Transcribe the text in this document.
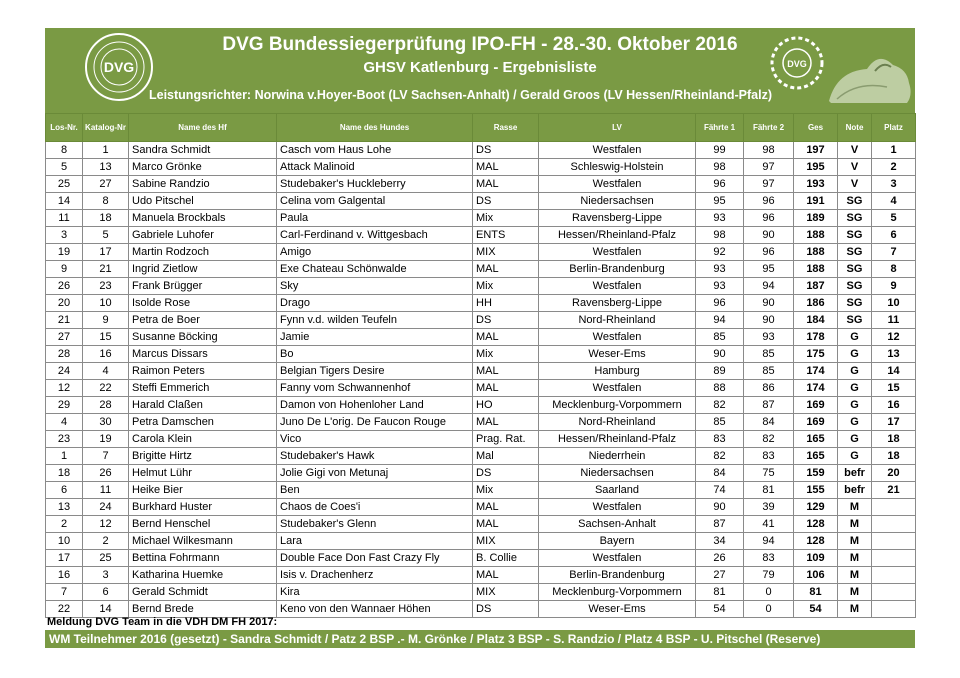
DVG
DVG Bundessiegerprüfung IPO-FH - 28.-30. Oktober 2016
GHSV Katlenburg - Ergebnisliste
Leistungsrichter: Norwina v.Hoyer-Boot (LV Sachsen-Anhalt) / Gerald Groos (LV Hessen/Rheinland-Pfalz)
DVG
Los-Nr.	Katalog-Nr	Name des Hf	Name des Hundes	Rasse	LV	Fährte 1	Fährte 2	Ges	Note	Platz
8	1	Sandra Schmidt	Casch vom Haus Lohe	DS	Westfalen	99	98	197	V	1
5	13	Marco Grönke	Attack Malinoid	MAL	Schleswig-Holstein	98	97	195	V	2
25	27	Sabine Randzio	Studebaker's Huckleberry	MAL	Westfalen	96	97	193	V	3
14	8	Udo Pitschel	Celina vom Galgental	DS	Niedersachsen	95	96	191	SG	4
11	18	Manuela Brockbals	Paula	Mix	Ravensberg-Lippe	93	96	189	SG	5
3	5	Gabriele Luhofer	Carl-Ferdinand v. Wittgesbach	ENTS	Hessen/Rheinland-Pfalz	98	90	188	SG	6
19	17	Martin Rodzoch	Amigo	MIX	Westfalen	92	96	188	SG	7
9	21	Ingrid Zietlow	Exe Chateau Schönwalde	MAL	Berlin-Brandenburg	93	95	188	SG	8
26	23	Frank Brügger	Sky	Mix	Westfalen	93	94	187	SG	9
20	10	Isolde Rose	Drago	HH	Ravensberg-Lippe	96	90	186	SG	10
21	9	Petra de Boer	Fynn v.d. wilden Teufeln	DS	Nord-Rheinland	94	90	184	SG	11
27	15	Susanne Böcking	Jamie	MAL	Westfalen	85	93	178	G	12
28	16	Marcus Dissars	Bo	Mix	Weser-Ems	90	85	175	G	13
24	4	Raimon Peters	Belgian Tigers Desire	MAL	Hamburg	89	85	174	G	14
12	22	Steffi Emmerich	Fanny vom Schwannenhof	MAL	Westfalen	88	86	174	G	15
29	28	Harald Claßen	Damon von Hohenloher Land	HO	Mecklenburg-Vorpommern	82	87	169	G	16
4	30	Petra Damschen	Juno De L'orig. De Faucon Rouge	MAL	Nord-Rheinland	85	84	169	G	17
23	19	Carola Klein	Vico	Prag. Rat.	Hessen/Rheinland-Pfalz	83	82	165	G	18
1	7	Brigitte Hirtz	Studebaker's Hawk	Mal	Niederrhein	82	83	165	G	18
18	26	Helmut Lühr	Jolie Gigi von Metunaj	DS	Niedersachsen	84	75	159	befr	20
6	11	Heike Bier	Ben	Mix	Saarland	74	81	155	befr	21
13	24	Burkhard Huster	Chaos de Coes'i	MAL	Westfalen	90	39	129	M	
2	12	Bernd Henschel	Studebaker's Glenn	MAL	Sachsen-Anhalt	87	41	128	M	
10	2	Michael Wilkesmann	Lara	MIX	Bayern	34	94	128	M	
17	25	Bettina Fohrmann	Double Face Don Fast Crazy Fly	B. Collie	Westfalen	26	83	109	M	
16	3	Katharina Huemke	Isis v. Drachenherz	MAL	Berlin-Brandenburg	27	79	106	M	
7	6	Gerald Schmidt	Kira	MIX	Mecklenburg-Vorpommern	81	0	81	M	
22	14	Bernd Brede	Keno von den Wannaer Höhen	DS	Weser-Ems	54	0	54	M	
Meldung DVG Team in die VDH DM FH 2017:
WM Teilnehmer 2016 (gesetzt) - Sandra Schmidt / Patz 2 BSP .- M. Grönke / Platz 3 BSP - S. Randzio / Platz 4 BSP - U. Pitschel (Reserve)
